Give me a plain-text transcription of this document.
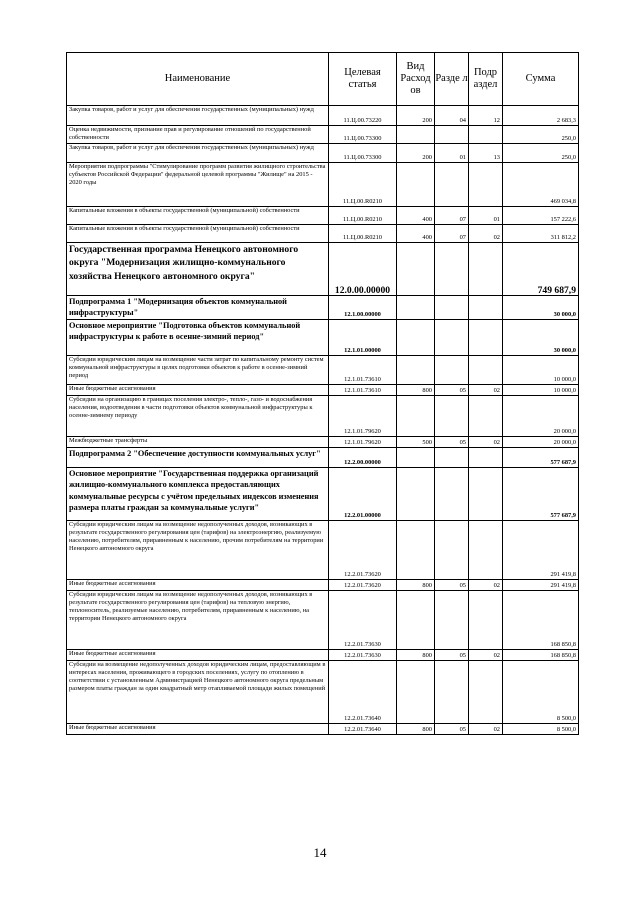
Наименование	Целевая статья	Вид Расход ов	Разде л	Подр аздел	Сумма
Закупка товаров, работ и услуг для обеспечения государственных (муниципальных) нужд	11.Ц.00.73220	200	04	12	2 683,3
Оценка недвижимости, признание прав и регулирование отношений по государственной собственности	11.Ц.00.73300				250,0
Закупка товаров, работ и услуг для обеспечения государственных (муниципальных) нужд	11.Ц.00.73300	200	01	13	250,0
Мероприятия подпрограммы "Стимулирование программ развития жилищного строительства субъектов Российской Федерации" федеральной целевой программы "Жилище" на 2015 - 2020 годы	11.Ц.00.R0210				469 034,8
Капитальные вложения в объекты государственной (муниципальной) собственности	11.Ц.00.R0210	400	07	01	157 222,6
Капитальные вложения в объекты государственной (муниципальной) собственности	11.Ц.00.R0210	400	07	02	311 812,2
Государственная программа Ненецкого автономного округа "Модернизация жилищно-коммунального хозяйства Ненецкого автономного округа"	12.0.00.00000				749 687,9
Подпрограмма 1 "Модернизация объектов коммунальной инфраструктуры"	12.1.00.00000				30 000,0
Основное мероприятие "Подготовка объектов коммунальной инфраструктуры к работе в осенне-зимний период"	12.1.01.00000				30 000,0
Субсидии юридическим лицам на возмещение части затрат по капитальному ремонту систем коммунальной инфраструктуры в целях подготовки объектов к работе в осенне-зимний период	12.1.01.73610				10 000,0
Иные бюджетные ассигнования	12.1.01.73610	800	05	02	10 000,0
Субсидии на организацию в границах поселения электро-, тепло-, газо- и водоснабжения населения, водоотведения в части подготовки объектов коммунальной инфраструктуры к осенне-зимнему периоду	12.1.01.79620				20 000,0
Межбюджетные трансферты	12.1.01.79620	500	05	02	20 000,0
Подпрограмма 2 "Обеспечение доступности коммунальных услуг"	12.2.00.00000				577 687,9
Основное мероприятие "Государственная поддержка организаций жилищно-коммунального комплекса предоставляющих коммунальные ресурсы с учётом предельных индексов изменения размера платы граждан за коммунальные услуги"	12.2.01.00000				577 687,9
Субсидии юридическим лицам на возмещение недополученных доходов, возникающих в результате государственного регулирования цен (тарифов) на электроэнергию, реализуемую населению, потребителям, приравненным к населению, прочим потребителям на территории Ненецкого автономного округа	12.2.01.73620				291 419,8
Иные бюджетные ассигнования	12.2.01.73620	800	05	02	291 419,8
Субсидии юридическим лицам на возмещение недополученных доходов, возникающих в результате государственного регулирования цен (тарифов) на тепловую энергию, теплоноситель, реализуемые населению, потребителям, приравненным к населению, на территории Ненецкого автономного округа	12.2.01.73630				168 850,8
Иные бюджетные ассигнования	12.2.01.73630	800	05	02	168 850,8
Субсидии на возмещение недополученных доходов юридическим лицам, предоставляющим в интересах населения, проживающего в городских поселениях, услугу по отоплению в соответствии с установленным Администрацией Ненецкого автономного округа предельным размером платы граждан за один квадратный метр отапливаемой площади жилых помещений	12.2.01.73640				8 500,0
Иные бюджетные ассигнования	12.2.01.73640	800	05	02	8 500,0
14
